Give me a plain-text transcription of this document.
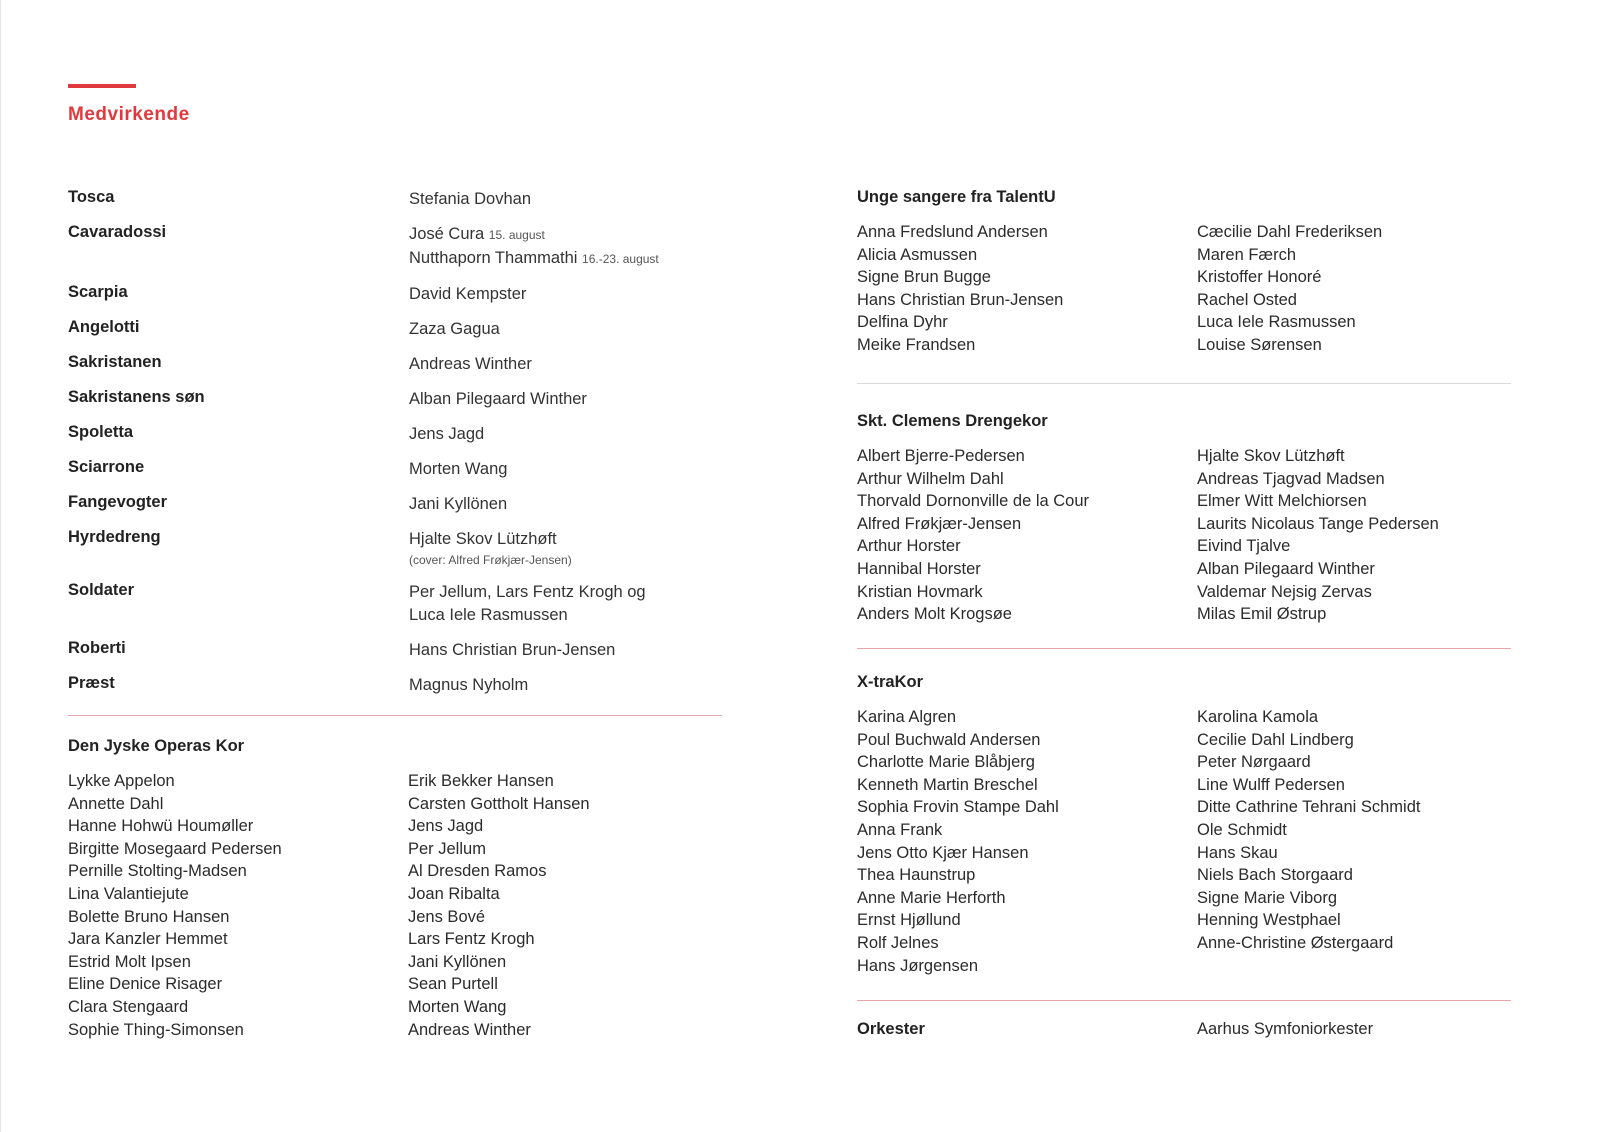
Medvirkende
Tosca	Stefania Dovhan
Cavaradossi	José Cura 15. august
Nutthaporn Thammathi 16.-23. august
Scarpia	David Kempster
Angelotti	Zaza Gagua
Sakristanen	Andreas Winther
Sakristanens søn	Alban Pilegaard Winther
Spoletta	Jens Jagd
Sciarrone	Morten Wang
Fangevogter	Jani Kyllönen
Hyrdedreng	Hjalte Skov Lützhøft
(cover: Alfred Frøkjær-Jensen)
Soldater	Per Jellum, Lars Fentz Krogh og
Luca Iele Rasmussen
Roberti	Hans Christian Brun-Jensen
Præst	Magnus Nyholm
Den Jyske Operas Kor
Lykke Appelon
Annette Dahl
Hanne Hohwü Houmøller
Birgitte Mosegaard Pedersen
Pernille Stolting-Madsen
Lina Valantiejute
Bolette Bruno Hansen
Jara Kanzler Hemmet
Estrid Molt Ipsen
Eline Denice Risager
Clara Stengaard
Sophie Thing-Simonsen
Erik Bekker Hansen
Carsten Gottholt Hansen
Jens Jagd
Per Jellum
Al Dresden Ramos
Joan Ribalta
Jens Bové
Lars Fentz Krogh
Jani Kyllönen
Sean Purtell
Morten Wang
Andreas Winther
Unge sangere fra TalentU
Anna Fredslund Andersen
Alicia Asmussen
Signe Brun Bugge
Hans Christian Brun-Jensen
Delfina Dyhr
Meike Frandsen
Cæcilie Dahl Frederiksen
Maren Færch
Kristoffer Honoré
Rachel Osted
Luca Iele Rasmussen
Louise Sørensen
Skt. Clemens Drengekor
Albert Bjerre-Pedersen
Arthur Wilhelm Dahl
Thorvald Dornonville de la Cour
Alfred Frøkjær-Jensen
Arthur Horster
Hannibal Horster
Kristian Hovmark
Anders Molt Krogsøe
Hjalte Skov Lützhøft
Andreas Tjagvad Madsen
Elmer Witt Melchiorsen
Laurits Nicolaus Tange Pedersen
Eivind Tjalve
Alban Pilegaard Winther
Valdemar Nejsig Zervas
Milas Emil Østrup
X-traKor
Karina Algren
Poul Buchwald Andersen
Charlotte Marie Blåbjerg
Kenneth Martin Breschel
Sophia Frovin Stampe Dahl
Anna Frank
Jens Otto Kjær Hansen
Thea Haunstrup
Anne Marie Herforth
Ernst Hjøllund
Rolf Jelnes
Hans Jørgensen
Karolina Kamola
Cecilie Dahl Lindberg
Peter Nørgaard
Line Wulff Pedersen
Ditte Cathrine Tehrani Schmidt
Ole Schmidt
Hans Skau
Niels Bach Storgaard
Signe Marie Viborg
Henning Westphael
Anne-Christine Østergaard
Orkester	Aarhus Symfoniorkester
